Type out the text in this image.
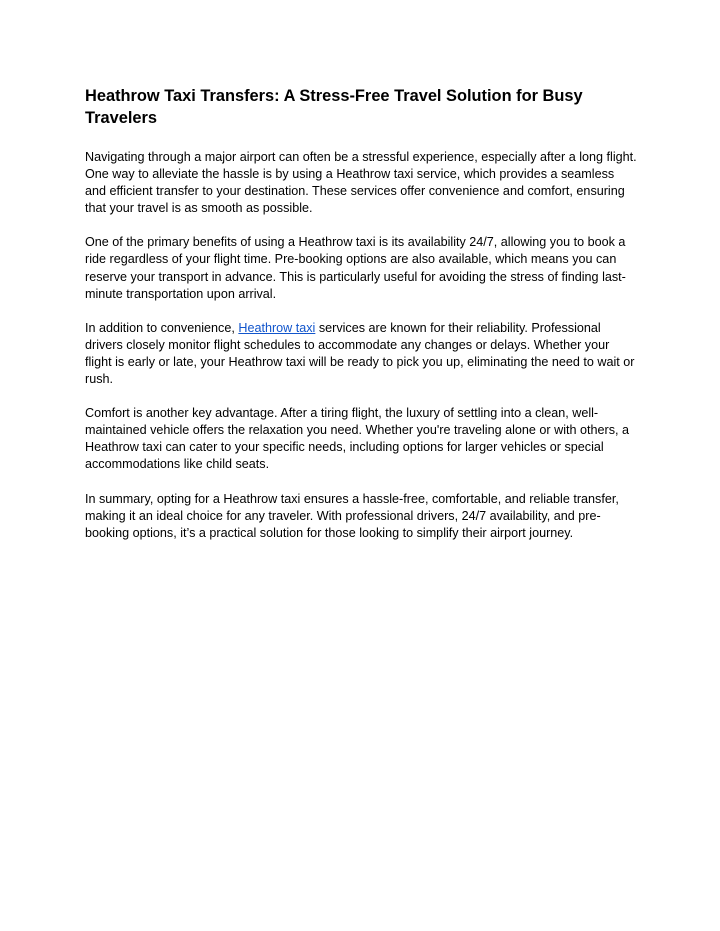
Heathrow Taxi Transfers: A Stress-Free Travel Solution for Busy Travelers

Navigating through a major airport can often be a stressful experience, especially after a long flight. One way to alleviate the hassle is by using a Heathrow taxi service, which provides a seamless and efficient transfer to your destination. These services offer convenience and comfort, ensuring that your travel is as smooth as possible.

One of the primary benefits of using a Heathrow taxi is its availability 24/7, allowing you to book a ride regardless of your flight time. Pre-booking options are also available, which means you can reserve your transport in advance. This is particularly useful for avoiding the stress of finding last-minute transportation upon arrival.

In addition to convenience, Heathrow taxi services are known for their reliability. Professional drivers closely monitor flight schedules to accommodate any changes or delays. Whether your flight is early or late, your Heathrow taxi will be ready to pick you up, eliminating the need to wait or rush.

Comfort is another key advantage. After a tiring flight, the luxury of settling into a clean, well-maintained vehicle offers the relaxation you need. Whether you're traveling alone or with others, a Heathrow taxi can cater to your specific needs, including options for larger vehicles or special accommodations like child seats.

In summary, opting for a Heathrow taxi ensures a hassle-free, comfortable, and reliable transfer, making it an ideal choice for any traveler. With professional drivers, 24/7 availability, and pre-booking options, it’s a practical solution for those looking to simplify their airport journey.
